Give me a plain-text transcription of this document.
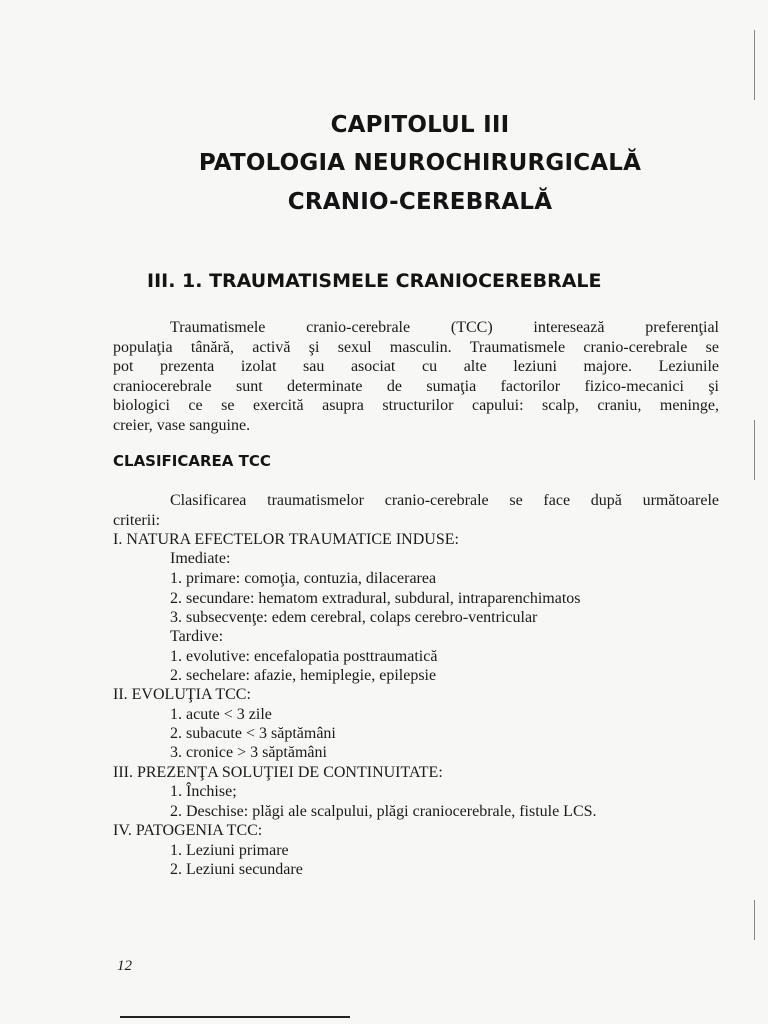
CAPITOLUL III
PATOLOGIA NEUROCHIRURGICALĂ
CRANIO-CEREBRALĂ
III. 1. TRAUMATISMELE CRANIOCEREBRALE
Traumatismele cranio-cerebrale (TCC) interesează preferenţial
populaţia tânără, activă şi sexul masculin. Traumatismele cranio-cerebrale se
pot prezenta izolat sau asociat cu alte leziuni majore. Leziunile
craniocerebrale sunt determinate de sumaţia factorilor fizico-mecanici şi
biologici ce se exercită asupra structurilor capului: scalp, craniu, meninge,
creier, vase sanguine.
CLASIFICAREA TCC
Clasificarea traumatismelor cranio-cerebrale se face după următoarele
criterii:
I. NATURA EFECTELOR TRAUMATICE INDUSE:
Imediate:
1. primare: comoţia, contuzia, dilacerarea
2. secundare: hematom extradural, subdural, intraparenchimatos
3. subsecvenţe: edem cerebral, colaps cerebro-ventricular
Tardive:
1. evolutive: encefalopatia posttraumatică
2. sechelare: afazie, hemiplegie, epilepsie
II. EVOLUŢIA TCC:
1. acute < 3 zile
2. subacute < 3 săptămâni
3. cronice > 3 săptămâni
III. PREZENŢA SOLUŢIEI DE CONTINUITATE:
1. Închise;
2. Deschise: plăgi ale scalpului, plăgi craniocerebrale, fistule LCS.
IV. PATOGENIA TCC:
1. Leziuni primare
2. Leziuni secundare
12
